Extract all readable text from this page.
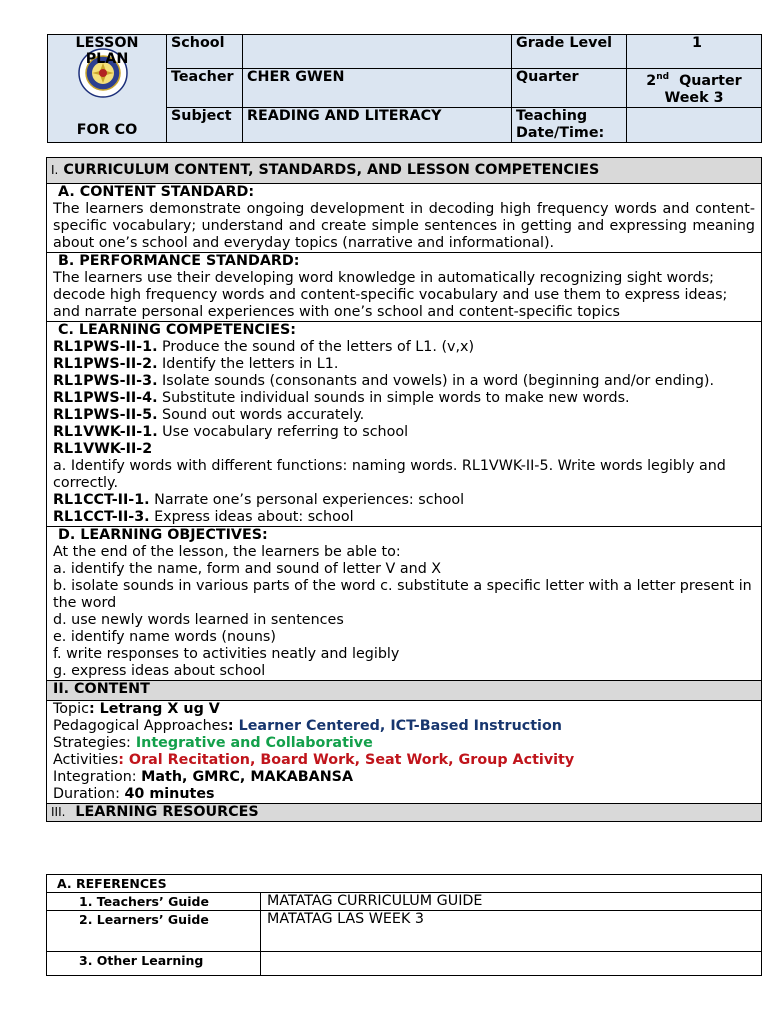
LESSON PLAN
FOR CO	School		Grade Level	1
	Teacher	CHER GWEN	Quarter	2nd Quarter
Week 3
	Subject	READING AND LITERACY	Teaching Date/Time:	
I. CURRICULUM CONTENT, STANDARDS, AND LESSON COMPETENCIES

A. CONTENT STANDARD:
The learners demonstrate ongoing development in decoding high frequency words and content-specific vocabulary; understand and create simple sentences in getting and expressing meaning about one’s school and everyday topics (narrative and informational).

B. PERFORMANCE STANDARD:
The learners use their developing word knowledge in automatically recognizing sight words; decode high frequency words and content-specific vocabulary and use them to express ideas; and narrate personal experiences with one’s school and content-specific topics

C. LEARNING COMPETENCIES:
RL1PWS-II-1. Produce the sound of the letters of L1. (v,x)
RL1PWS-II-2. Identify the letters in L1.
RL1PWS-II-3. Isolate sounds (consonants and vowels) in a word (beginning and/or ending).
RL1PWS-II-4. Substitute individual sounds in simple words to make new words.
RL1PWS-II-5. Sound out words accurately.
RL1VWK-II-1. Use vocabulary referring to school
RL1VWK-II-2
a. Identify words with different functions: naming words. RL1VWK-II-5. Write words legibly and correctly.
RL1CCT-II-1. Narrate one’s personal experiences: school
RL1CCT-II-3. Express ideas about: school

D. LEARNING OBJECTIVES:
At the end of the lesson, the learners be able to:
a. identify the name, form and sound of letter V and X
b. isolate sounds in various parts of the word c. substitute a specific letter with a letter present in the word
d. use newly words learned in sentences
e. identify name words (nouns)
f. write responses to activities neatly and legibly
g. express ideas about school

II. CONTENT

Topic: Letrang X ug V
Pedagogical Approaches: Learner Centered, ICT-Based Instruction
Strategies: Integrative and Collaborative
Activities: Oral Recitation, Board Work, Seat Work, Group Activity
Integration: Math, GMRC, MAKABANSA
Duration: 40 minutes

III. LEARNING RESOURCES
A. REFERENCES	
1. Teachers’ Guide	MATATAG CURRICULUM GUIDE
2. Learners’ Guide	MATATAG LAS WEEK 3
3. Other Learning	
